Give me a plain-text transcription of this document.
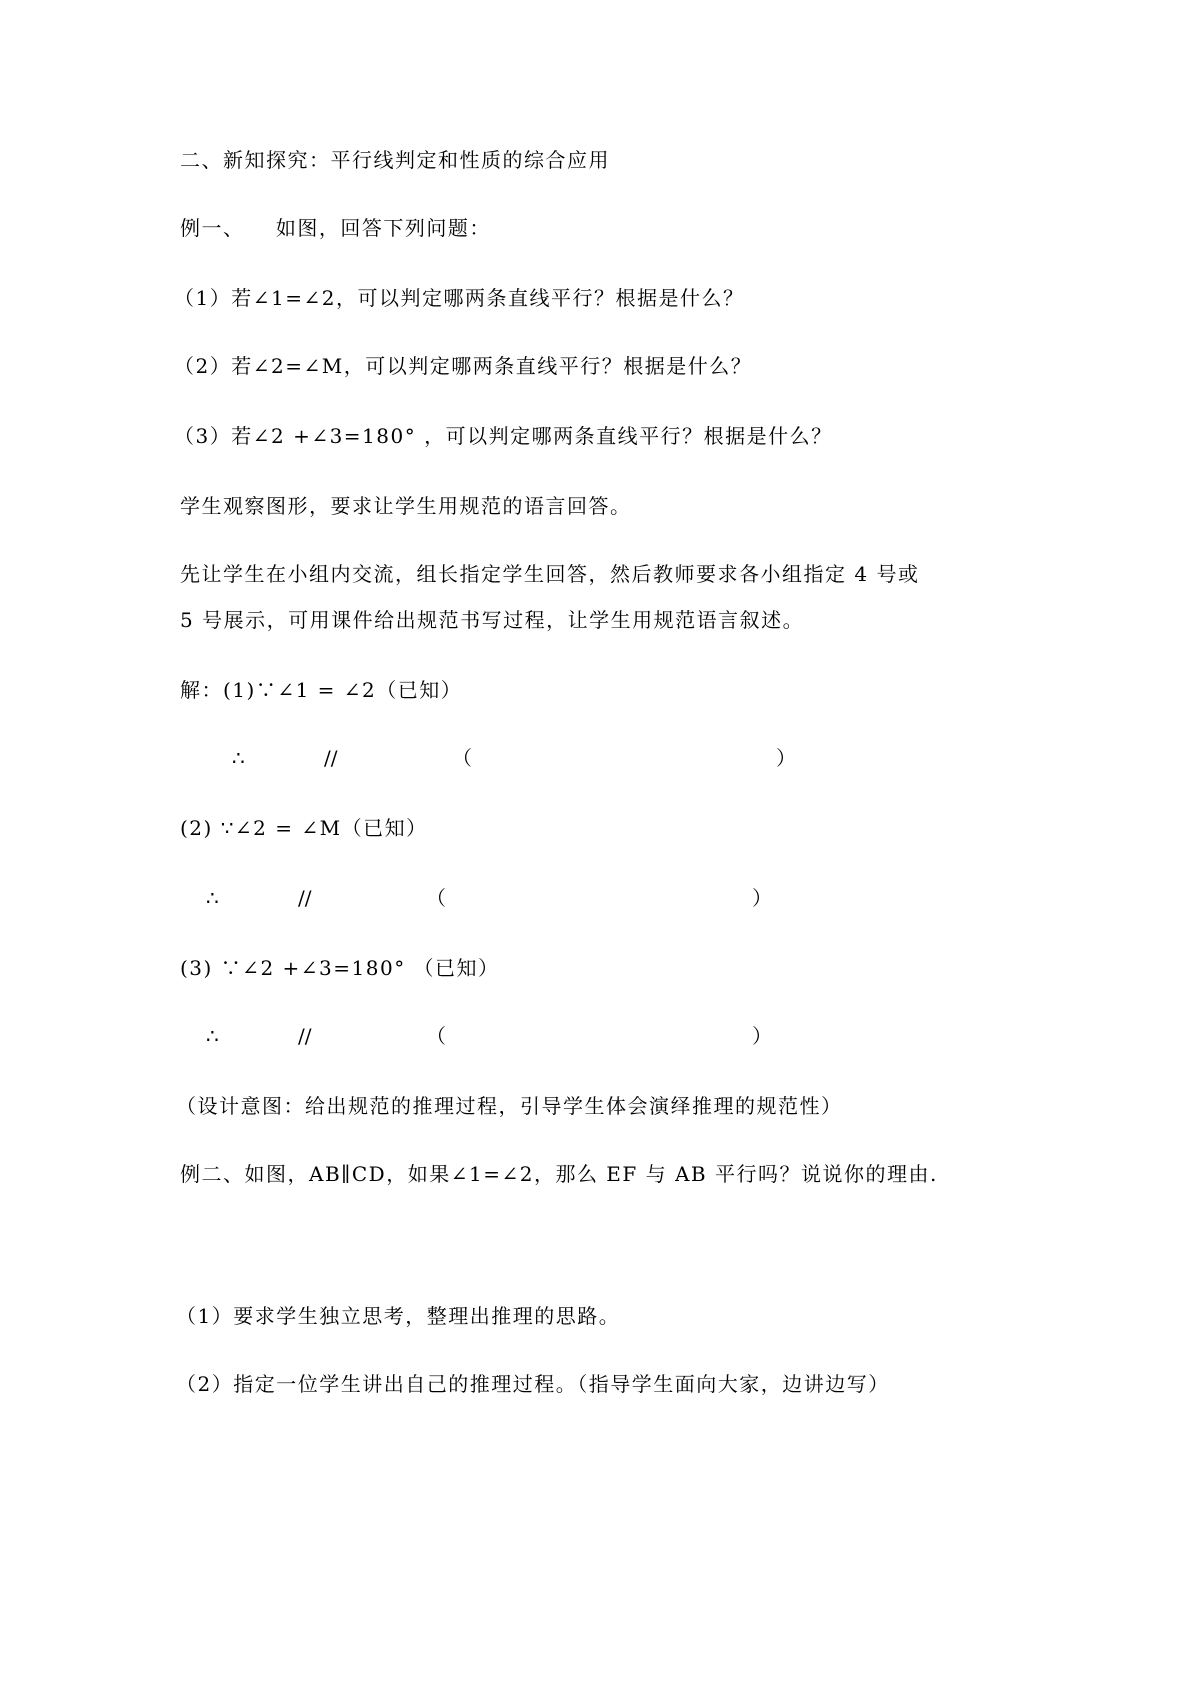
二、新知探究：平行线判定和性质的综合应用
例一、    如图，回答下列问题：
（1）若∠1=∠2，可以判定哪两条直线平行？根据是什么？
（2）若∠2=∠M，可以判定哪两条直线平行？根据是什么？
（3）若∠2 +∠3=180° ，可以判定哪两条直线平行？根据是什么？
学生观察图形，要求让学生用规范的语言回答。
先让学生在小组内交流，组长指定学生回答，然后教师要求各小组指定 4 号或
5 号展示，可用课件给出规范书写过程，让学生用规范语言叙述。
解：(1)∵∠1 = ∠2（已知）
∴	//	（	）
(2) ∵∠2 = ∠M（已知）
∴	//	（	）
(3) ∵∠2 +∠3=180° （已知）
∴	//	（	）
（设计意图：给出规范的推理过程，引导学生体会演绎推理的规范性）
例二、如图，AB∥CD，如果∠1=∠2，那么 EF 与 AB 平行吗？说说你的理由.
（1）要求学生独立思考，整理出推理的思路。
（2）指定一位学生讲出自己的推理过程。（指导学生面向大家，边讲边写）
